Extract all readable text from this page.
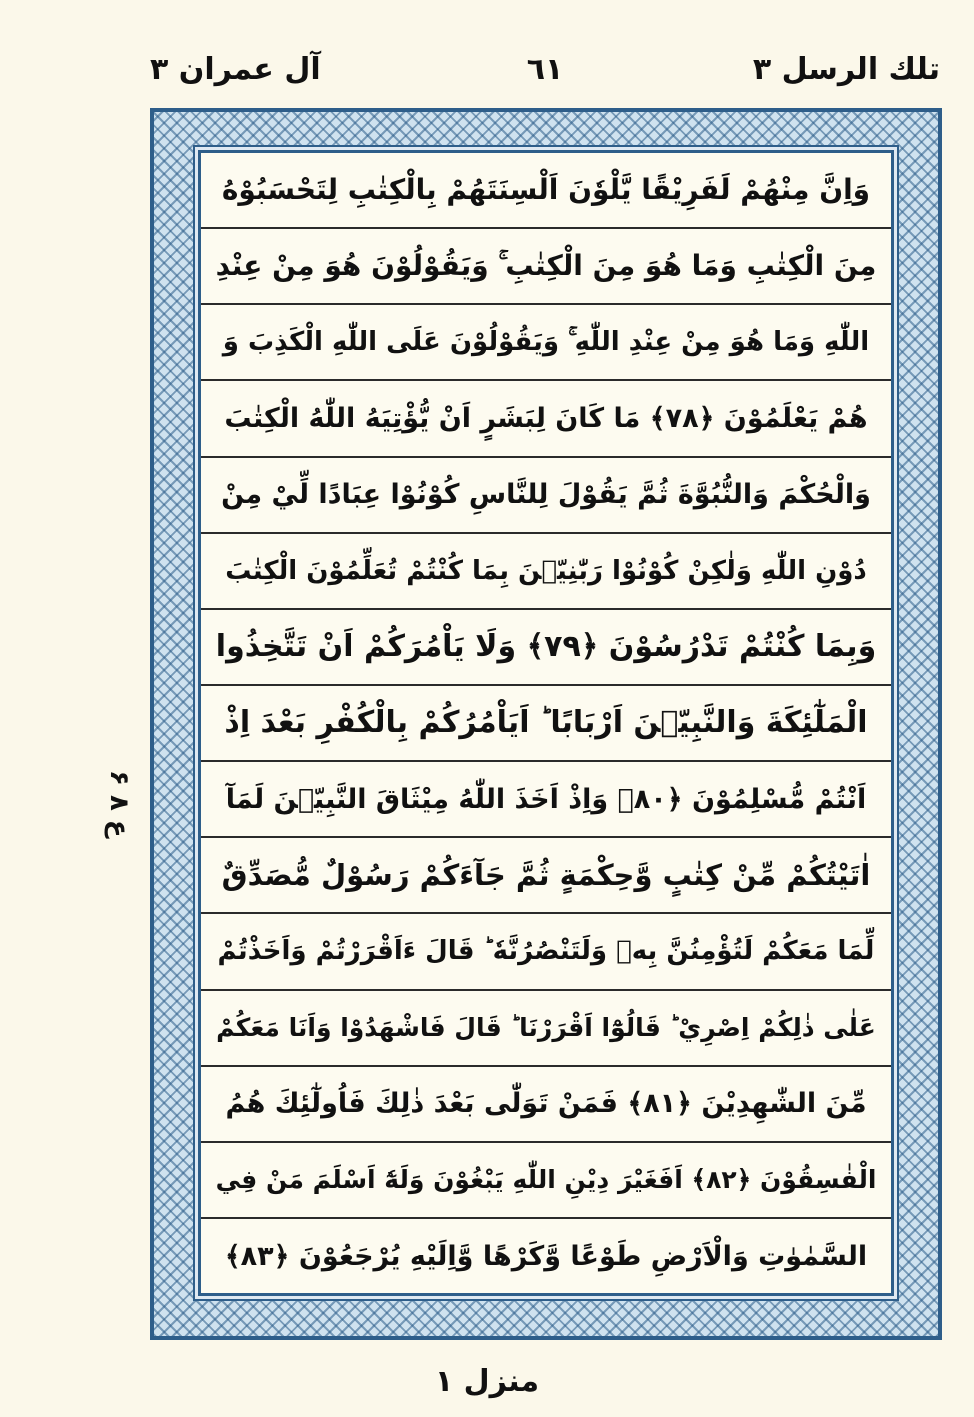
تلك الرسل ٣
٦١
آل عمران ٣
ع ٨ ۶
وَاِنَّ مِنْهُمْ لَفَرِيْقًا يَّلْوٗنَ اَلْسِنَتَهُمْ بِالْكِتٰبِ لِتَحْسَبُوْهُ
مِنَ الْكِتٰبِ وَمَا هُوَ مِنَ الْكِتٰبِ ۚ وَيَقُوْلُوْنَ هُوَ مِنْ عِنْدِ
اللّٰهِ وَمَا هُوَ مِنْ عِنْدِ اللّٰهِ ۚ وَيَقُوْلُوْنَ عَلَى اللّٰهِ الْكَذِبَ وَ
هُمْ يَعْلَمُوْنَ ﴿٧٨﴾ مَا كَانَ لِبَشَرٍ اَنْ يُّؤْتِيَهُ اللّٰهُ الْكِتٰبَ
وَالْحُكْمَ وَالنُّبُوَّةَ ثُمَّ يَقُوْلَ لِلنَّاسِ كُوْنُوْا عِبَادًا لِّيْ مِنْ
دُوْنِ اللّٰهِ وَلٰكِنْ كُوْنُوْا رَبّٰنِيّٖنَ بِمَا كُنْتُمْ تُعَلِّمُوْنَ الْكِتٰبَ
وَبِمَا كُنْتُمْ تَدْرُسُوْنَ ﴿٧٩﴾ وَلَا يَاْمُرَكُمْ اَنْ تَتَّخِذُوا
الْمَلٰٓئِكَةَ وَالنَّبِيّٖنَ اَرْبَابًا ؕ اَيَاْمُرُكُمْ بِالْكُفْرِ بَعْدَ اِذْ
اَنْتُمْ مُّسْلِمُوْنَ ﴿٨٠﴾ وَاِذْ اَخَذَ اللّٰهُ مِيْثَاقَ النَّبِيّٖنَ لَمَآ
اٰتَيْتُكُمْ مِّنْ كِتٰبٍ وَّحِكْمَةٍ ثُمَّ جَآءَكُمْ رَسُوْلٌ مُّصَدِّقٌ
لِّمَا مَعَكُمْ لَتُؤْمِنُنَّ بِهٖ وَلَتَنْصُرُنَّهٗ ؕ قَالَ ءَاَقْرَرْتُمْ وَاَخَذْتُمْ
عَلٰى ذٰلِكُمْ اِصْرِيْ ؕ قَالُوْٓا اَقْرَرْنَا ؕ قَالَ فَاشْهَدُوْا وَاَنَا مَعَكُمْ
مِّنَ الشّٰهِدِيْنَ ﴿٨١﴾ فَمَنْ تَوَلّٰى بَعْدَ ذٰلِكَ فَاُولٰٓئِكَ هُمُ
الْفٰسِقُوْنَ ﴿٨٢﴾ اَفَغَيْرَ دِيْنِ اللّٰهِ يَبْغُوْنَ وَلَهٗٓ اَسْلَمَ مَنْ فِي
السَّمٰوٰتِ وَالْاَرْضِ طَوْعًا وَّكَرْهًا وَّاِلَيْهِ يُرْجَعُوْنَ ﴿٨٣﴾
منزل ١
